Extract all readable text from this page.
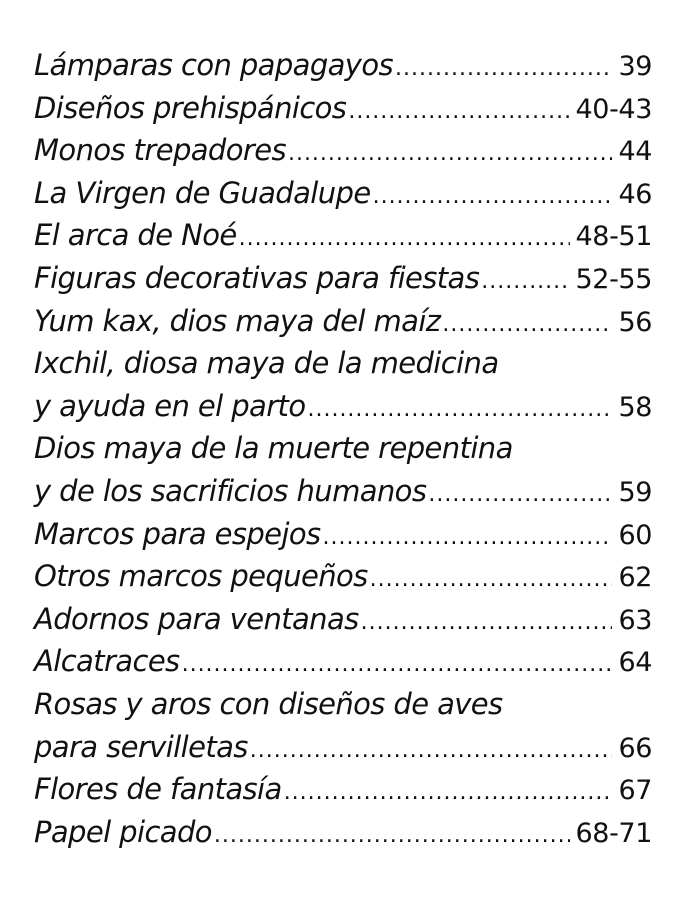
Lámparas con papagayos .....	39
Diseños prehispánicos .....	40-43
Monos trepadores .....	44
La Virgen de Guadalupe .....	46
El arca de Noé .....	48-51
Figuras decorativas para fiestas .....	52-55
Yum kax, dios maya del maíz .....	56
Ixchil, diosa maya de la medicina
y ayuda en el parto .....	58
Dios maya de la muerte repentina
y de los sacrificios humanos .....	59
Marcos para espejos .....	60
Otros marcos pequeños .....	62
Adornos para ventanas .....	63
Alcatraces .....	64
Rosas y aros con diseños de aves
para servilletas .....	66
Flores de fantasía .....	67
Papel picado .....	68-71
